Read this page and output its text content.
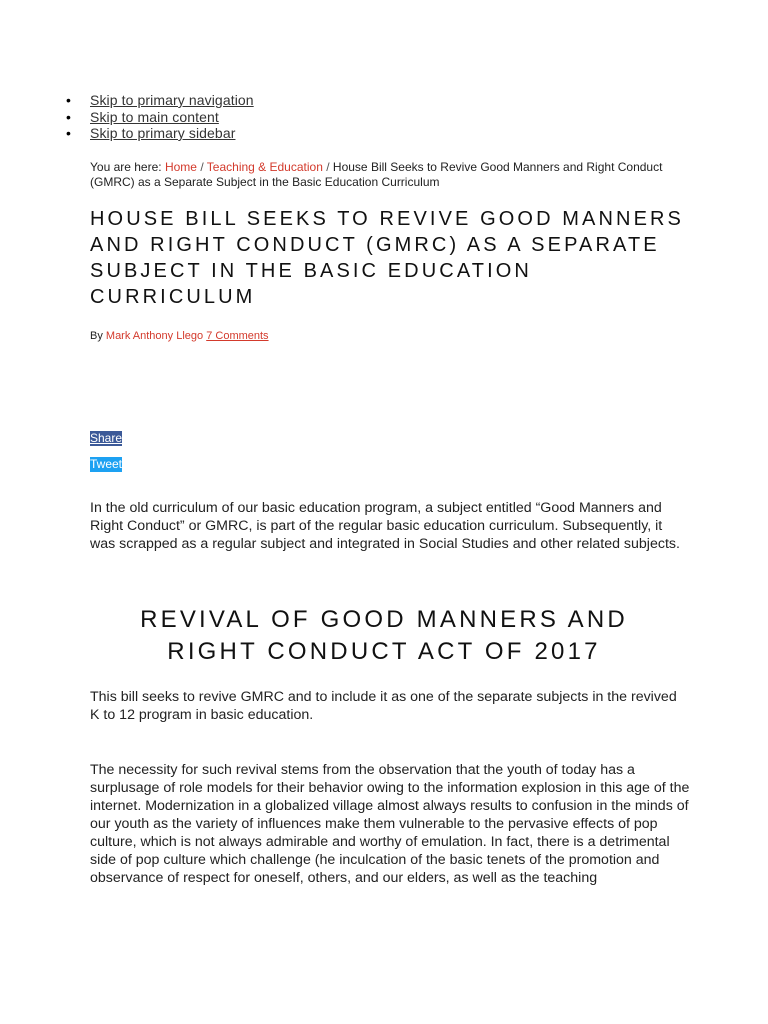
• Skip to primary navigation
• Skip to main content
• Skip to primary sidebar
You are here: Home / Teaching & Education / House Bill Seeks to Revive Good Manners and Right Conduct (GMRC) as a Separate Subject in the Basic Education Curriculum
HOUSE BILL SEEKS TO REVIVE GOOD MANNERS AND RIGHT CONDUCT (GMRC) AS A SEPARATE SUBJECT IN THE BASIC EDUCATION CURRICULUM
By Mark Anthony Llego 7 Comments
Share
Tweet

In the old curriculum of our basic education program, a subject entitled “Good Manners and Right Conduct” or GMRC, is part of the regular basic education curriculum. Subsequently, it was scrapped as a regular subject and integrated in Social Studies and other related subjects.

REVIVAL OF GOOD MANNERS AND RIGHT CONDUCT ACT OF 2017

This bill seeks to revive GMRC and to include it as one of the separate subjects in the revived K to 12 program in basic education.

The necessity for such revival stems from the observation that the youth of today has a surplusage of role models for their behavior owing to the information explosion in this age of the internet. Modernization in a globalized village almost always results to confusion in the minds of our youth as the variety of influences make them vulnerable to the pervasive effects of pop culture, which is not always admirable and worthy of emulation. In fact, there is a detrimental side of pop culture which challenge (he inculcation of the basic tenets of the promotion and observance of respect for oneself, others, and our elders, as well as the teaching
